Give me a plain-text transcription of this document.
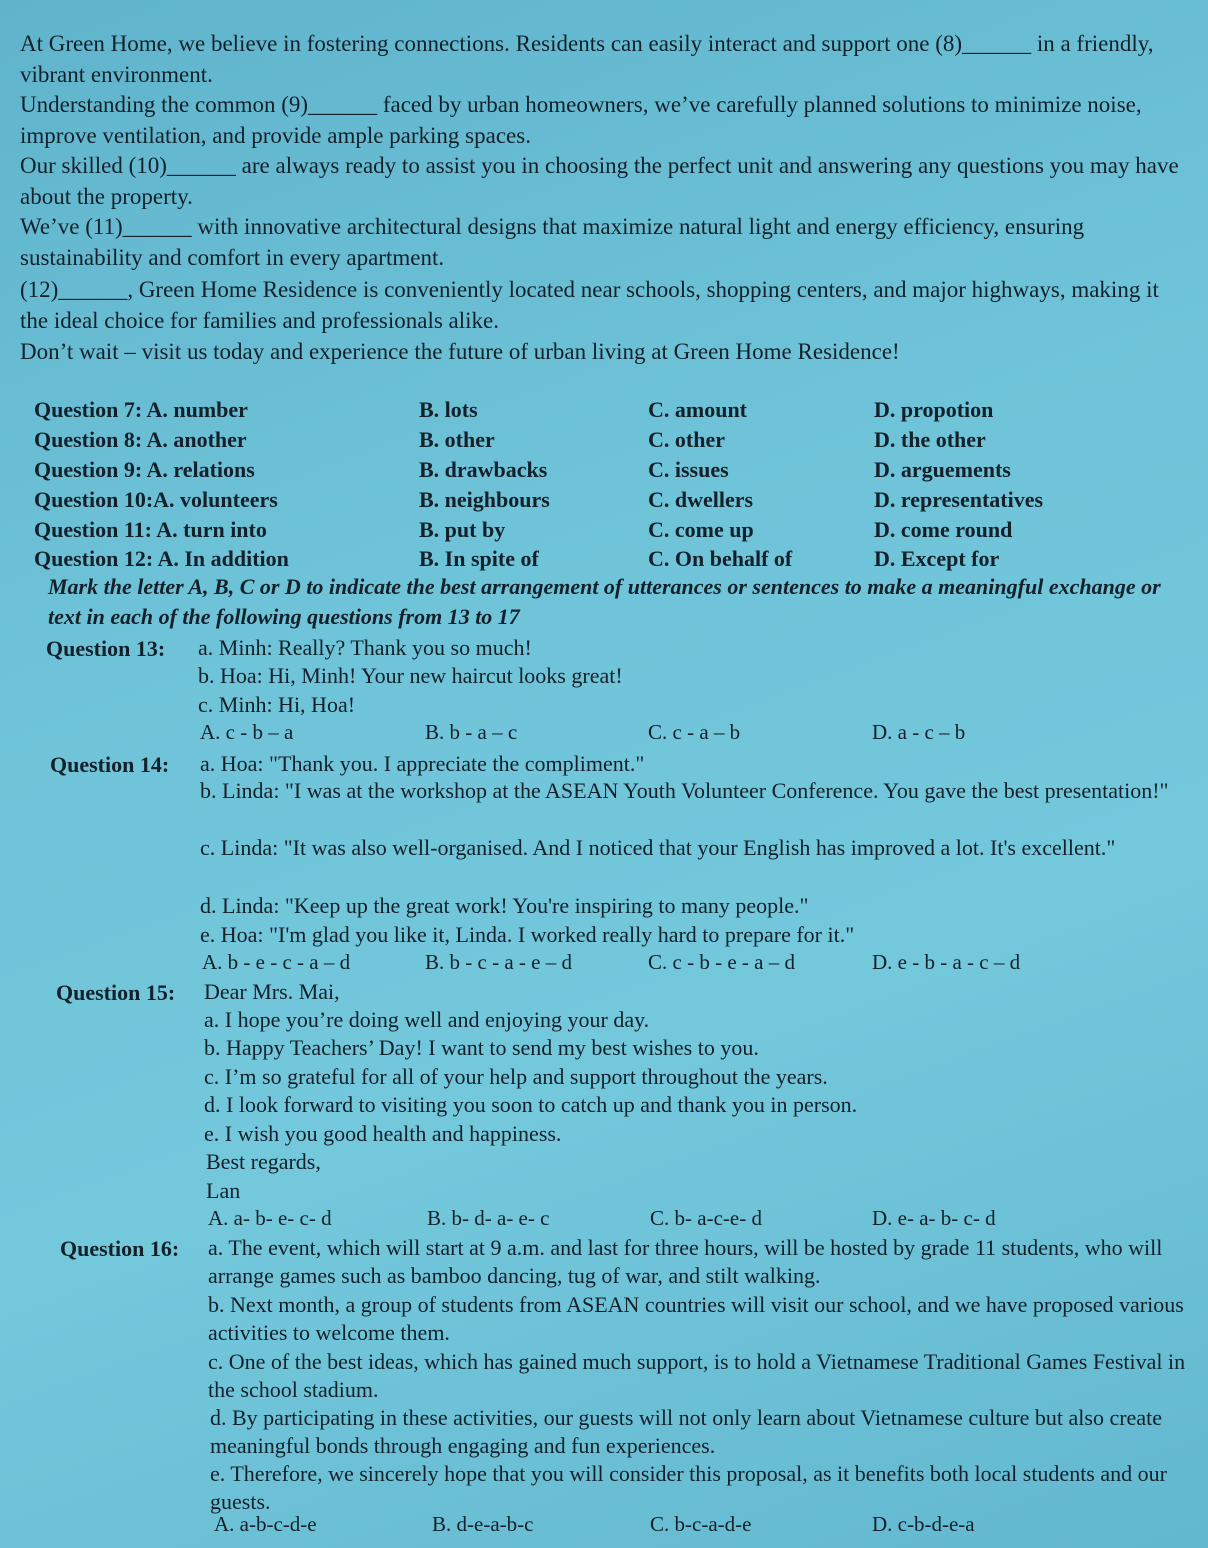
At Green Home, we believe in fostering connections. Residents can easily interact and support one (8)______ in a friendly, vibrant environment.

Understanding the common (9)______ faced by urban homeowners, we’ve carefully planned solutions to minimize noise, improve ventilation, and provide ample parking spaces.

Our skilled (10)______ are always ready to assist you in choosing the perfect unit and answering any questions you may have about the property.

We’ve (11)______ with innovative architectural designs that maximize natural light and energy efficiency, ensuring sustainability and comfort in every apartment.

(12)______, Green Home Residence is conveniently located near schools, shopping centers, and major highways, making it the ideal choice for families and professionals alike.

Don’t wait – visit us today and experience the future of urban living at Green Home Residence!

Question 7: A. number	B. lots	C. amount	D. propotion
Question 8: A. another	B. other	C. other	D. the other
Question 9: A. relations	B. drawbacks	C. issues	D. arguements
Question 10:A. volunteers	B. neighbours	C. dwellers	D. representatives
Question 11: A. turn into	B. put by	C. come up	D. come round
Question 12: A. In addition	B. In spite of	C. On behalf of	D. Except for

Mark the letter A, B, C or D to indicate the best arrangement of utterances or sentences to make a meaningful exchange or text in each of the following questions from 13 to 17

Question 13: a. Minh: Really? Thank you so much!
b. Hoa: Hi, Minh! Your new haircut looks great!
c. Minh: Hi, Hoa!
A. c - b – a	B. b - a – c	C. c - a – b	D. a - c – b
Question 14: a. Hoa: "Thank you. I appreciate the compliment."
b. Linda: "I was at the workshop at the ASEAN Youth Volunteer Conference. You gave the best presentation!"
c. Linda: "It was also well-organised. And I noticed that your English has improved a lot. It's excellent."
d. Linda: "Keep up the great work! You're inspiring to many people."
e. Hoa: "I'm glad you like it, Linda. I worked really hard to prepare for it."
A. b - e - c - a – d	B. b - c - a - e – d	C. c - b - e - a – d	D. e - b - a - c – d
Question 15: Dear Mrs. Mai,
a. I hope you’re doing well and enjoying your day.
b. Happy Teachers’ Day! I want to send my best wishes to you.
c. I’m so grateful for all of your help and support throughout the years.
d. I look forward to visiting you soon to catch up and thank you in person.
e. I wish you good health and happiness.
Best regards,
Lan
A. a- b- e- c- d	B. b- d- a- e- c	C. b- a-c-e- d	D. e- a- b- c- d
Question 16: a. The event, which will start at 9 a.m. and last for three hours, will be hosted by grade 11 students, who will arrange games such as bamboo dancing, tug of war, and stilt walking.
b. Next month, a group of students from ASEAN countries will visit our school, and we have proposed various activities to welcome them.
c. One of the best ideas, which has gained much support, is to hold a Vietnamese Traditional Games Festival in the school stadium.
d. By participating in these activities, our guests will not only learn about Vietnamese culture but also create meaningful bonds through engaging and fun experiences.
e. Therefore, we sincerely hope that you will consider this proposal, as it benefits both local students and our guests.
A. a-b-c-d-e	B. d-e-a-b-c	C. b-c-a-d-e	D. c-b-d-e-a
